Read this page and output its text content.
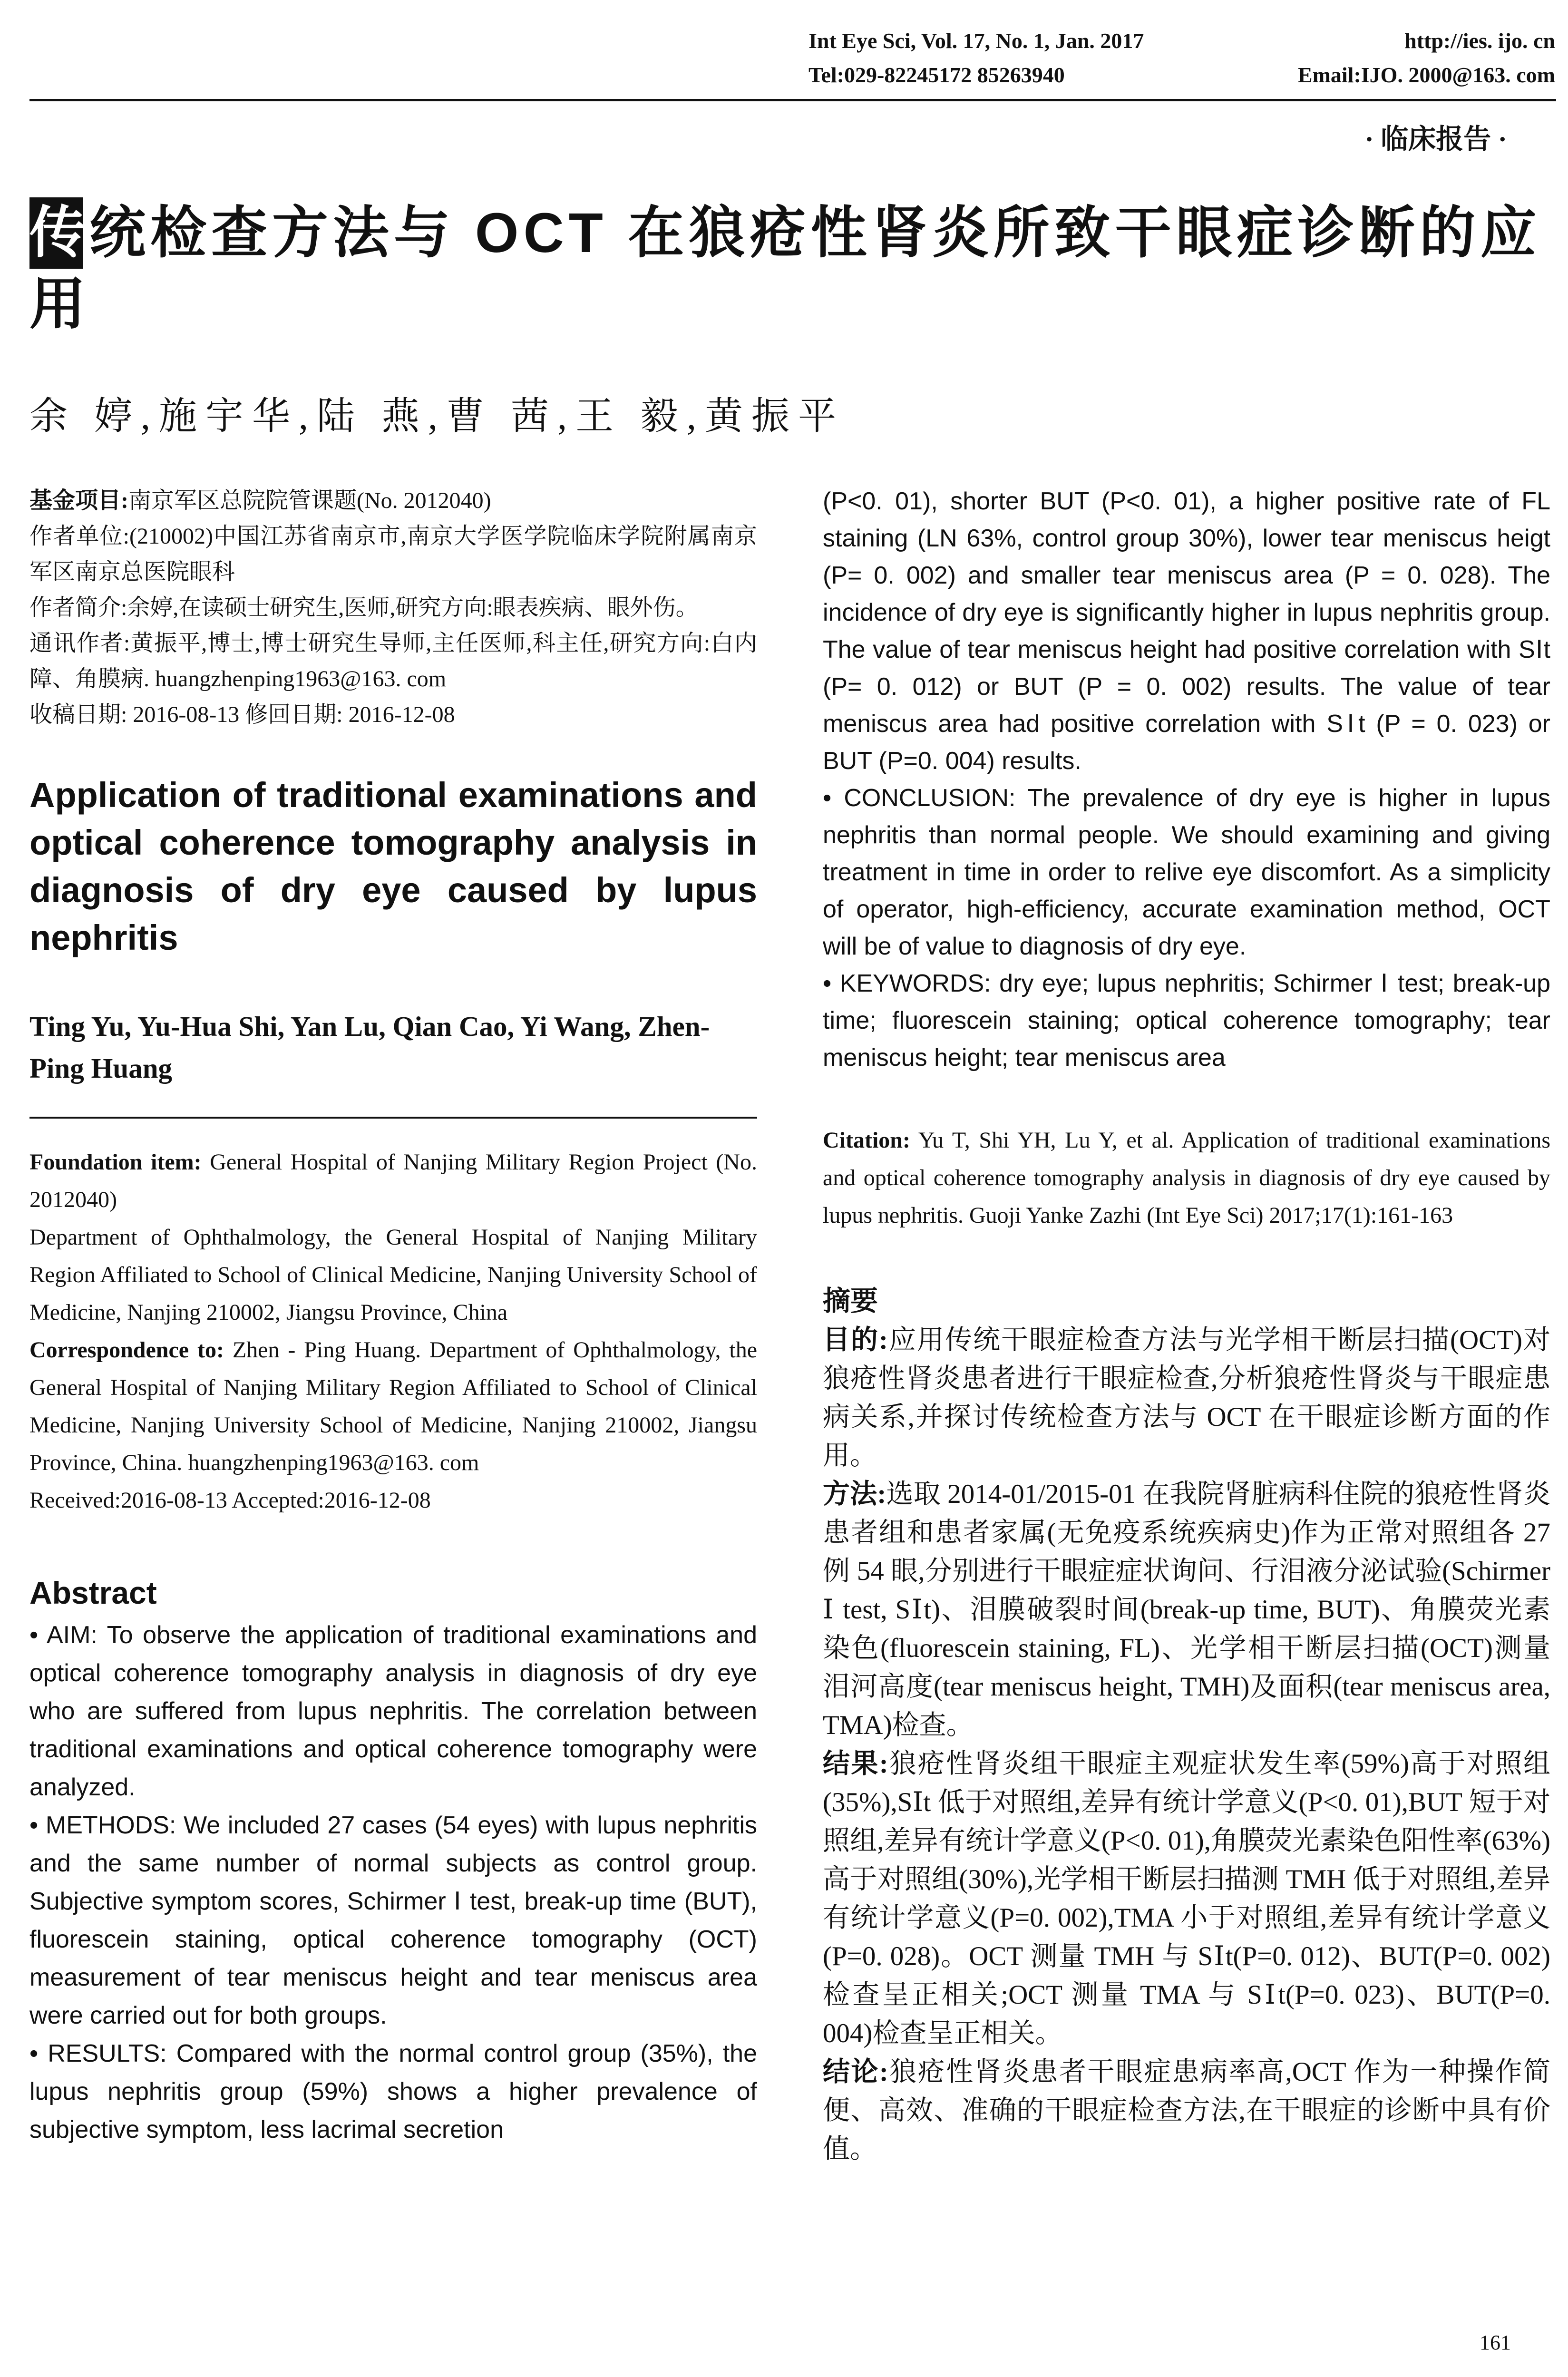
Int Eye Sci, Vol. 17, No. 1, Jan. 2017	http://ies. ijo. cn
Tel:029-82245172 85263940	Email:IJO. 2000@163. com
· 临床报告 ·
传统检查方法与 OCT 在狼疮性肾炎所致干眼症诊断的应用
余 婷,施宇华,陆 燕,曹 茜,王 毅,黄振平

基金项目:南京军区总院院管课题(No. 2012040)

作者单位:(210002)中国江苏省南京市,南京大学医学院临床学院附属南京军区南京总医院眼科

作者简介:余婷,在读硕士研究生,医师,研究方向:眼表疾病、眼外伤。

通讯作者:黄振平,博士,博士研究生导师,主任医师,科主任,研究方向:白内障、角膜病. huangzhenping1963@163. com

收稿日期: 2016-08-13 修回日期: 2016-12-08

Application of traditional examinations and optical coherence tomography analysis in diagnosis of dry eye caused by lupus nephritis
Ting Yu, Yu-Hua Shi, Yan Lu, Qian Cao, Yi Wang, Zhen-Ping Huang

Foundation item: General Hospital of Nanjing Military Region Project (No. 2012040)

Department of Ophthalmology, the General Hospital of Nanjing Military Region Affiliated to School of Clinical Medicine, Nanjing University School of Medicine, Nanjing 210002, Jiangsu Province, China

Correspondence to: Zhen - Ping Huang. Department of Ophthalmology, the General Hospital of Nanjing Military Region Affiliated to School of Clinical Medicine, Nanjing University School of Medicine, Nanjing 210002, Jiangsu Province, China. huangzhenping1963@163. com

Received:2016-08-13 Accepted:2016-12-08

Abstract

• AIM: To observe the application of traditional examinations and optical coherence tomography analysis in diagnosis of dry eye who are suffered from lupus nephritis. The correlation between traditional examinations and optical coherence tomography were analyzed.

• METHODS: We included 27 cases (54 eyes) with lupus nephritis and the same number of normal subjects as control group. Subjective symptom scores, Schirmer Ⅰ test, break-up time (BUT), fluorescein staining, optical coherence tomography (OCT) measurement of tear meniscus height and tear meniscus area were carried out for both groups.

• RESULTS: Compared with the normal control group (35%), the lupus nephritis group (59%) shows a higher prevalence of subjective symptom, less lacrimal secretion

(P<0. 01), shorter BUT (P<0. 01), a higher positive rate of FL staining (LN 63%, control group 30%), lower tear meniscus heigt (P= 0. 002) and smaller tear meniscus area (P = 0. 028). The incidence of dry eye is significantly higher in lupus nephritis group. The value of tear meniscus height had positive correlation with SⅠt (P= 0. 012) or BUT (P = 0. 002) results. The value of tear meniscus area had positive correlation with SⅠt (P = 0. 023) or BUT (P=0. 004) results.

• CONCLUSION: The prevalence of dry eye is higher in lupus nephritis than normal people. We should examining and giving treatment in time in order to relive eye discomfort. As a simplicity of operator, high-efficiency, accurate examination method, OCT will be of value to diagnosis of dry eye.

• KEYWORDS: dry eye; lupus nephritis; Schirmer Ⅰ test; break-up time; fluorescein staining; optical coherence tomography; tear meniscus height; tear meniscus area

Citation: Yu T, Shi YH, Lu Y, et al. Application of traditional examinations and optical coherence tomography analysis in diagnosis of dry eye caused by lupus nephritis. Guoji Yanke Zazhi (Int Eye Sci) 2017;17(1):161-163

摘要

目的:应用传统干眼症检查方法与光学相干断层扫描(OCT)对狼疮性肾炎患者进行干眼症检查,分析狼疮性肾炎与干眼症患病关系,并探讨传统检查方法与 OCT 在干眼症诊断方面的作用。

方法:选取 2014-01/2015-01 在我院肾脏病科住院的狼疮性肾炎患者组和患者家属(无免疫系统疾病史)作为正常对照组各 27 例 54 眼,分别进行干眼症症状询问、行泪液分泌试验(Schirmer Ⅰ test, SⅠt)、泪膜破裂时间(break-up time, BUT)、角膜荧光素染色(fluorescein staining, FL)、光学相干断层扫描(OCT)测量泪河高度(tear meniscus height, TMH)及面积(tear meniscus area, TMA)检查。

结果:狼疮性肾炎组干眼症主观症状发生率(59%)高于对照组(35%),SⅠt 低于对照组,差异有统计学意义(P<0. 01),BUT 短于对照组,差异有统计学意义(P<0. 01),角膜荧光素染色阳性率(63%)高于对照组(30%),光学相干断层扫描测 TMH 低于对照组,差异有统计学意义(P=0. 002),TMA 小于对照组,差异有统计学意义(P=0. 028)。OCT 测量 TMH 与 SⅠt(P=0. 012)、BUT(P=0. 002)检查呈正相关;OCT 测量 TMA 与 SⅠt(P=0. 023)、BUT(P=0. 004)检查呈正相关。

结论:狼疮性肾炎患者干眼症患病率高,OCT 作为一种操作简便、高效、准确的干眼症检查方法,在干眼症的诊断中具有价值。

161
